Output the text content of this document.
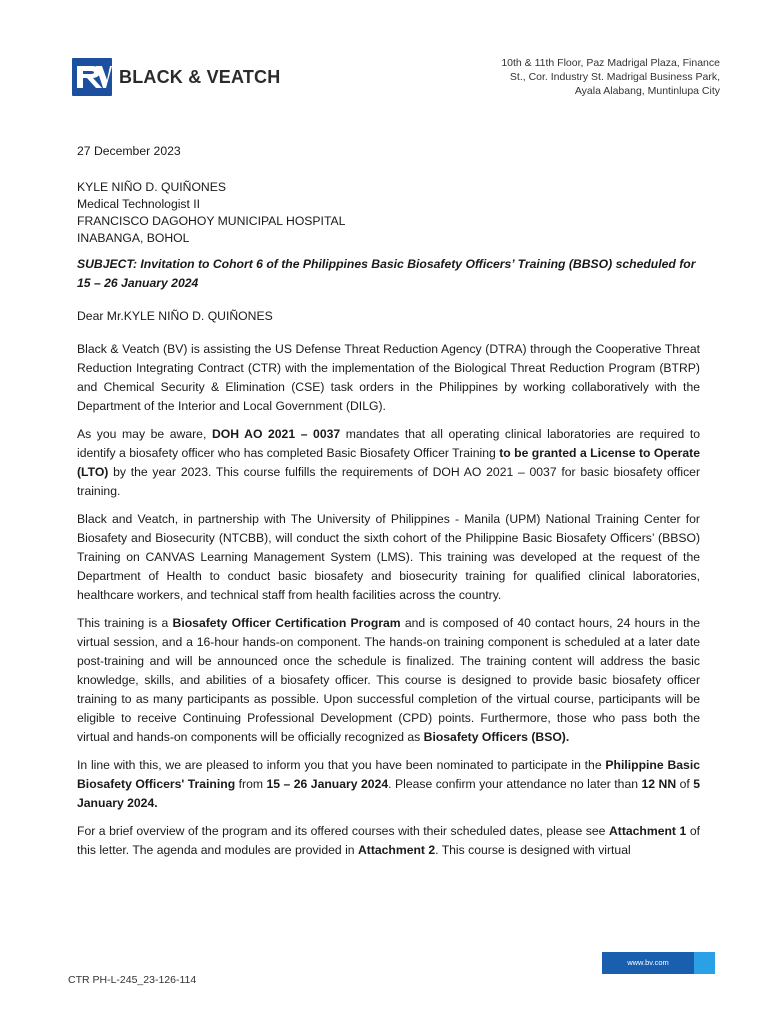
BLACK & VEATCH
10th & 11th Floor, Paz Madrigal Plaza, Finance
St., Cor. Industry St. Madrigal Business Park,
Ayala Alabang, Muntinlupa City
27 December 2023
KYLE NIÑO D. QUIÑONES
Medical Technologist II
FRANCISCO DAGOHOY MUNICIPAL HOSPITAL
INABANGA, BOHOL
SUBJECT: Invitation to Cohort 6 of the Philippines Basic Biosafety Officers’ Training (BBSO) scheduled for 15 – 26 January 2024
Dear Mr.KYLE NIÑO D. QUIÑONES

Black & Veatch (BV) is assisting the US Defense Threat Reduction Agency (DTRA) through the Cooperative Threat Reduction Integrating Contract (CTR) with the implementation of the Biological Threat Reduction Program (BTRP) and Chemical Security & Elimination (CSE) task orders in the Philippines by working collaboratively with the Department of the Interior and Local Government (DILG).

As you may be aware, DOH AO 2021 – 0037 mandates that all operating clinical laboratories are required to identify a biosafety officer who has completed Basic Biosafety Officer Training to be granted a License to Operate (LTO) by the year 2023. This course fulfills the requirements of DOH AO 2021 – 0037 for basic biosafety officer training.

Black and Veatch, in partnership with The University of Philippines - Manila (UPM) National Training Center for Biosafety and Biosecurity (NTCBB), will conduct the sixth cohort of the Philippine Basic Biosafety Officers’ (BBSO) Training on CANVAS Learning Management System (LMS). This training was developed at the request of the Department of Health to conduct basic biosafety and biosecurity training for qualified clinical laboratories, healthcare workers, and technical staff from health facilities across the country.

This training is a Biosafety Officer Certification Program and is composed of 40 contact hours, 24 hours in the virtual session, and a 16-hour hands-on component. The hands-on training component is scheduled at a later date post-training and will be announced once the schedule is finalized. The training content will address the basic knowledge, skills, and abilities of a biosafety officer. This course is designed to provide basic biosafety officer training to as many participants as possible. Upon successful completion of the virtual course, participants will be eligible to receive Continuing Professional Development (CPD) points. Furthermore, those who pass both the virtual and hands-on components will be officially recognized as Biosafety Officers (BSO).

In line with this, we are pleased to inform you that you have been nominated to participate in the Philippine Basic Biosafety Officers' Training from 15 – 26 January 2024. Please confirm your attendance no later than 12 NN of 5 January 2024.

For a brief overview of the program and its offered courses with their scheduled dates, please see Attachment 1 of this letter. The agenda and modules are provided in Attachment 2. This course is designed with virtual

CTR PH-L-245_23-126-114
www.bv.com
